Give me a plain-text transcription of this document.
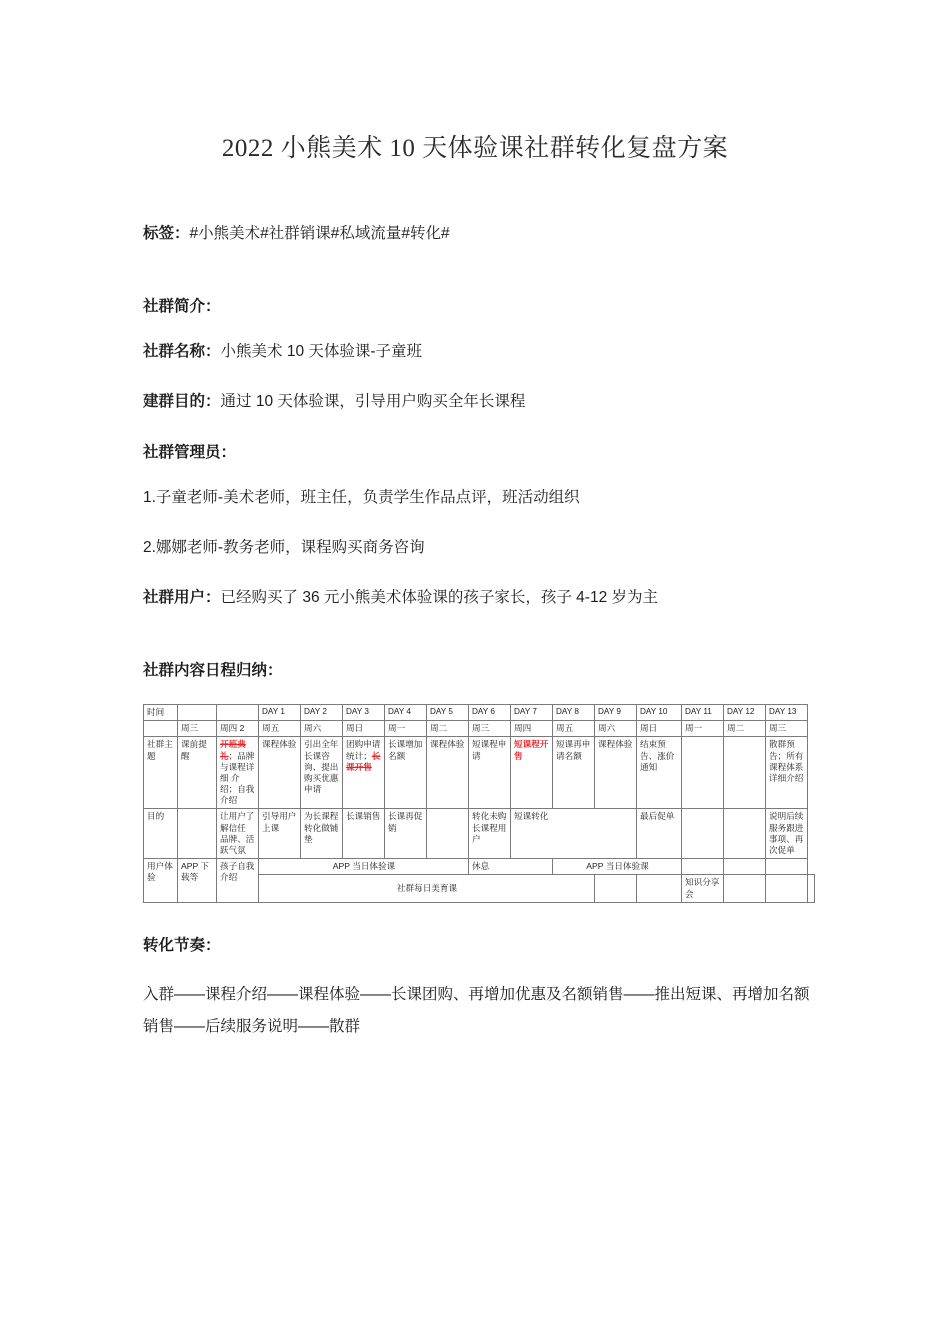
2022 小熊美术 10 天体验课社群转化复盘方案

标签：#小熊美术#社群销课#私域流量#转化#

社群简介：

社群名称：小熊美术 10 天体验课-子童班

建群目的：通过 10 天体验课，引导用户购买全年长课程

社群管理员：

1.子童老师-美术老师，班主任，负责学生作品点评，班活动组织

2.娜娜老师-教务老师，课程购买商务咨询

社群用户：已经购买了 36 元小熊美术体验课的孩子家长，孩子 4-12 岁为主

社群内容日程归纳：

时间			DAY 1	DAY 2	DAY 3	DAY 4	DAY 5	DAY 6	DAY 7	DAY 8	DAY 9	DAY 10	DAY 11	DAY 12	DAY 13	
	周三	周四 2	周五	周六	周日	周一	周二	周三	周四	周五	周六	周日	周一	周二	周三	
社群主题	课前提醒	开班典礼；品牌与课程详细 介绍；自我介绍	课程体验	引出全年长课咨询、提出购买优惠申请	团购申请 统计；长课开售	长课增加名额	课程体验	短课程申请	短课程开售	短课再申请名额	课程体验	结束预告、涨价通知			散群预告；所有课程体系详细介绍	
目的		让用户了解信任 品牌、活跃气氛	引导用户上课	为长课程转化做铺垫	长课销售	长课再促销		转化未购长课程用户	短课转化			最后促单			说明后续服务跟进事项、再次促单	
用户体验	APP 下载等	孩子自我介绍	APP 当日体验课					休息		APP 当日体验课						
			社群每日美育课										知识分享会			

转化节奏：

入群——课程介绍——课程体验——长课团购、再增加优惠及名额销售——推出短课、再增加名额销售——后续服务说明——散群
